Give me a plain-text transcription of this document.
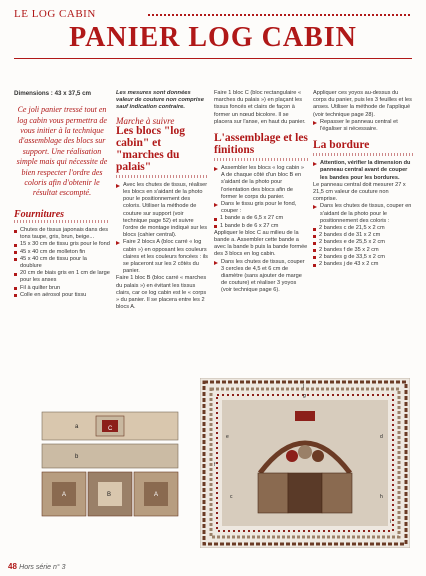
LE LOG CABIN
PANIER LOG CABIN
Dimensions : 43 x 37,5 cm
Ce joli panier tressé tout en log cabin vous permettra de vous initier à la technique d'assemblage des blocs sur support. Une réalisation simple mais qui nécessite de bien respecter l'ordre des coloris afin d'obtenir le résultat escompté.
Fournitures
Chutes de tissus japonais dans des tons taupe, gris, brun, beige...
15 x 30 cm de tissu gris pour le fond
45 x 40 cm de molleton fin
45 x 40 cm de tissu pour la doublure
20 cm de biais gris en 1 cm de large pour les anses
Fil à quilter brun
Colle en aérosol pour tissu
Les mesures sont données valeur de couture non comprise sauf indication contraire.
Marche à suivre
Les blocs "log cabin" et "marches du palais"
Avec les chutes de tissus, réaliser les blocs en s'aidant de la photo pour le positionnement des coloris. Utiliser la méthode de couture sur support (voir technique page 52) et suivre l'ordre de montage indiqué sur les blocs (cahier central).
Faire 2 blocs A (bloc carré « log cabin ») en opposant les couleurs claires et les couleurs foncées : ils se placeront sur les 2 côtés du panier.
Faire 1 bloc B (bloc carré « marches du palais ») en évitant les tissus clairs, car ce log cabin est le « corps » du panier. Il se placera entre les 2 blocs A.
Faire 1 bloc C (bloc rectangulaire « marches du palais ») en plaçant les tissus foncés et clairs de façon à former un nœud bicolore. Il se placera sur l'anse, en haut du panier.
L'assemblage et les finitions
Assembler les blocs « log cabin » A de chaque côté d'un bloc B en s'aidant de la photo pour l'orientation des blocs afin de former le corps du panier.
Dans le tissu gris pour le fond, couper :
1 bande a de 6,5 x 27 cm
1 bande b de 6 x 27 cm
Appliquer le bloc C au milieu de la bande a. Assembler cette bande a avec la bande b puis la bande formée des 3 blocs en log cabin.
Dans les chutes de tissus, couper 3 cercles de 4,5 et 6 cm de diamètre (sans ajouter de marge de couture) et réaliser 3 yoyos (voir technique page 6).
Appliquer ces yoyos au-dessus du corps du panier, puis les 3 feuilles et les anses. Utiliser la méthode de l'appliqué (voir technique page 28).
Repasser le panneau central et l'égaliser si nécessaire.
La bordure
Attention, vérifier la dimension du panneau central avant de couper les bandes pour les bordures.
Le panneau central doit mesurer 27 x 21,5 cm valeur de couture non comprise.
Dans les chutes de tissus, couper en s'aidant de la photo pour le positionnement des coloris :
2 bandes c de 21,5 x 2 cm
2 bandes d de 31 x 2 cm
2 bandes e de 25,5 x 2 cm
2 bandes f de 35 x 2 cm
2 bandes g de 33,5 x 2 cm
2 bandes j de 43 x 2 cm
a	C
b
A	B	A
j
g
f
e	d
c	h
i
48 Hors série n° 3
